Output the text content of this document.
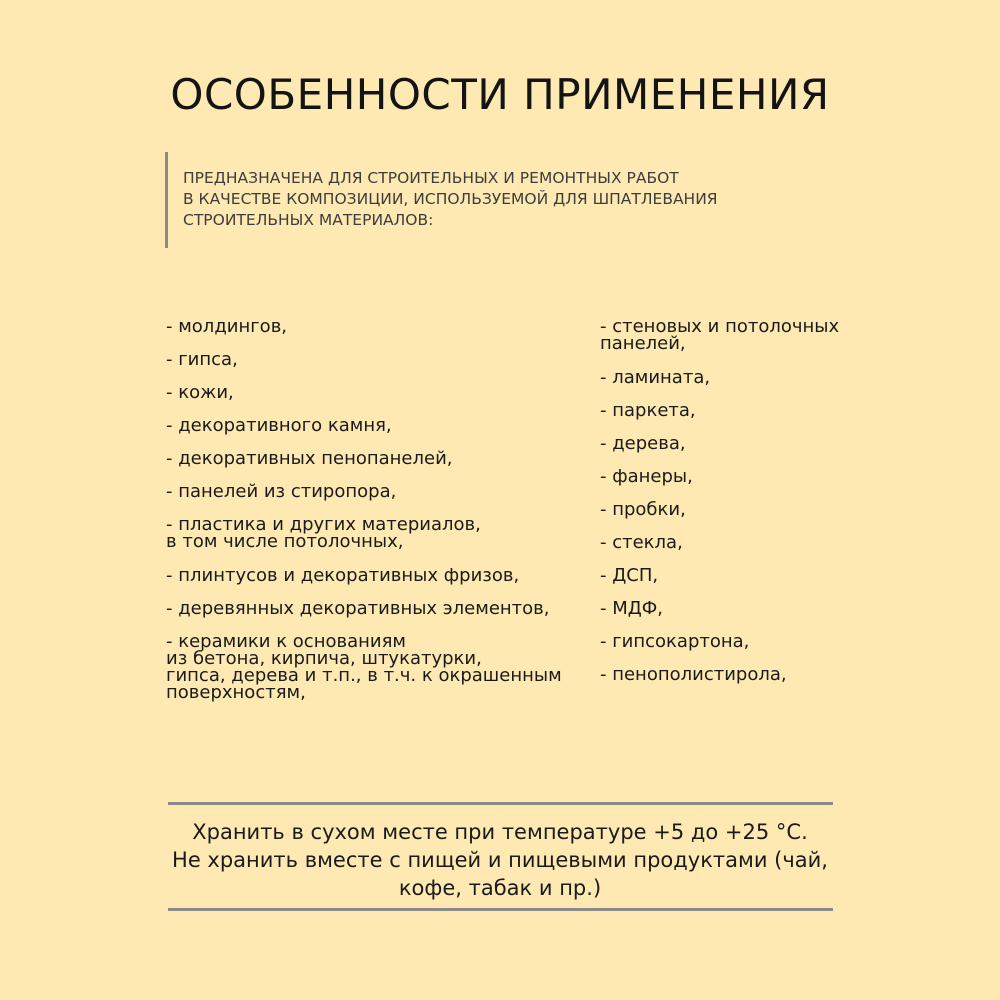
ОСОБЕННОСТИ ПРИМЕНЕНИЯ
ПРЕДНАЗНАЧЕНА ДЛЯ СТРОИТЕЛЬНЫХ И РЕМОНТНЫХ РАБОТ
В КАЧЕСТВЕ КОМПОЗИЦИИ, ИСПОЛЬЗУЕМОЙ ДЛЯ ШПАТЛЕВАНИЯ
СТРОИТЕЛЬНЫХ МАТЕРИАЛОВ:
- молдингов,
- гипса,
- кожи,
- декоративного камня,
- декоративных пенопанелей,
- панелей из стиропора,
- пластика и других материалов,
в том числе потолочных,
- плинтусов и декоративных фризов,
- деревянных декоративных элементов,
- керамики к основаниям
из бетона, кирпича, штукатурки,
гипса, дерева и т.п., в т.ч. к окрашенным
поверхностям,
- стеновых и потолочных
панелей,
- ламината,
- паркета,
- дерева,
- фанеры,
- пробки,
- стекла,
- ДСП,
- МДФ,
- гипсокартона,
- пенополистирола,
Хранить в сухом месте при температуре +5 до +25 °C.
Не хранить вместе с пищей и пищевыми продуктами (чай,
кофе, табак и пр.)
